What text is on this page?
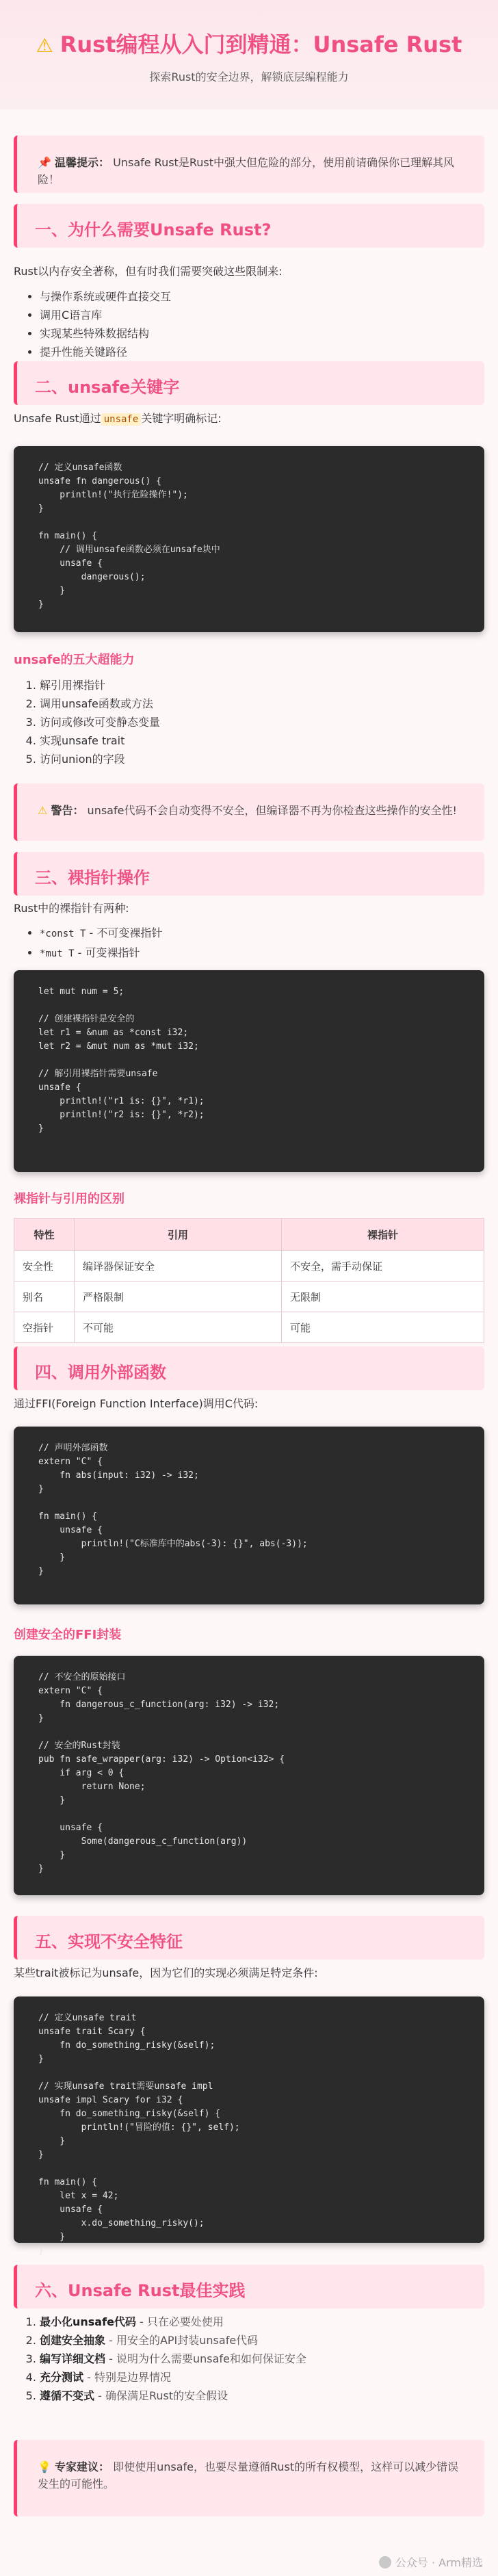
⚠ Rust编程从入门到精通：Unsafe Rust
探索Rust的安全边界，解锁底层编程能力
📌 温馨提示： Unsafe Rust是Rust中强大但危险的部分，使用前请确保你已理解其风险！
一、为什么需要Unsafe Rust?
Rust以内存安全著称，但有时我们需要突破这些限制来:
• 与操作系统或硬件直接交互
• 调用C语言库
• 实现某些特殊数据结构
• 提升性能关键路径
二、unsafe关键字
Unsafe Rust通过 unsafe 关键字明确标记:
// 定义unsafe函数
unsafe fn dangerous() {
println!("执行危险操作!");
}

fn main() {
// 调用unsafe函数必须在unsafe块中
unsafe {
dangerous();
}
}
unsafe的五大超能力
1. 解引用裸指针
2. 调用unsafe函数或方法
3. 访问或修改可变静态变量
4. 实现unsafe trait
5. 访问union的字段
⚠ 警告： unsafe代码不会自动变得不安全，但编译器不再为你检查这些操作的安全性!
三、裸指针操作
Rust中的裸指针有两种:
• *const T - 不可变裸指针
• *mut T - 可变裸指针
let mut num = 5;

// 创建裸指针是安全的
let r1 = &num as *const i32;
let r2 = &mut num as *mut i32;

// 解引用裸指针需要unsafe
unsafe {
println!("r1 is: {}", *r1);
println!("r2 is: {}", *r2);
}
裸指针与引用的区别
特性	引用	裸指针
安全性	编译器保证安全	不安全，需手动保证
别名	严格限制	无限制
空指针	不可能	可能
四、调用外部函数
通过FFI(Foreign Function Interface)调用C代码:
// 声明外部函数
extern "C" {
fn abs(input: i32) -> i32;
}

fn main() {
unsafe {
println!("C标准库中的abs(-3): {}", abs(-3));
}
}
创建安全的FFI封装
// 不安全的原始接口
extern "C" {
fn dangerous_c_function(arg: i32) -> i32;
}

// 安全的Rust封装
pub fn safe_wrapper(arg: i32) -> Option<i32> {
if arg < 0 {
return None;
}

unsafe {
Some(dangerous_c_function(arg))
}
}
五、实现不安全特征
某些trait被标记为unsafe，因为它们的实现必须满足特定条件:
// 定义unsafe trait
unsafe trait Scary {
fn do_something_risky(&self);
}

// 实现unsafe trait需要unsafe impl
unsafe impl Scary for i32 {
fn do_something_risky(&self) {
println!("冒险的值: {}", self);
}
}

fn main() {
let x = 42;
unsafe {
x.do_something_risky();
}
}
六、Unsafe Rust最佳实践
1. 最小化unsafe代码 - 只在必要处使用
2. 创建安全抽象 - 用安全的API封装unsafe代码
3. 编写详细文档 - 说明为什么需要unsafe和如何保证安全
4. 充分测试 - 特别是边界情况
5. 遵循不变式 - 确保满足Rust的安全假设
💡 专家建议： 即使使用unsafe，也要尽量遵循Rust的所有权模型，这样可以减少错误发生的可能性。
公众号 · Arm精选
